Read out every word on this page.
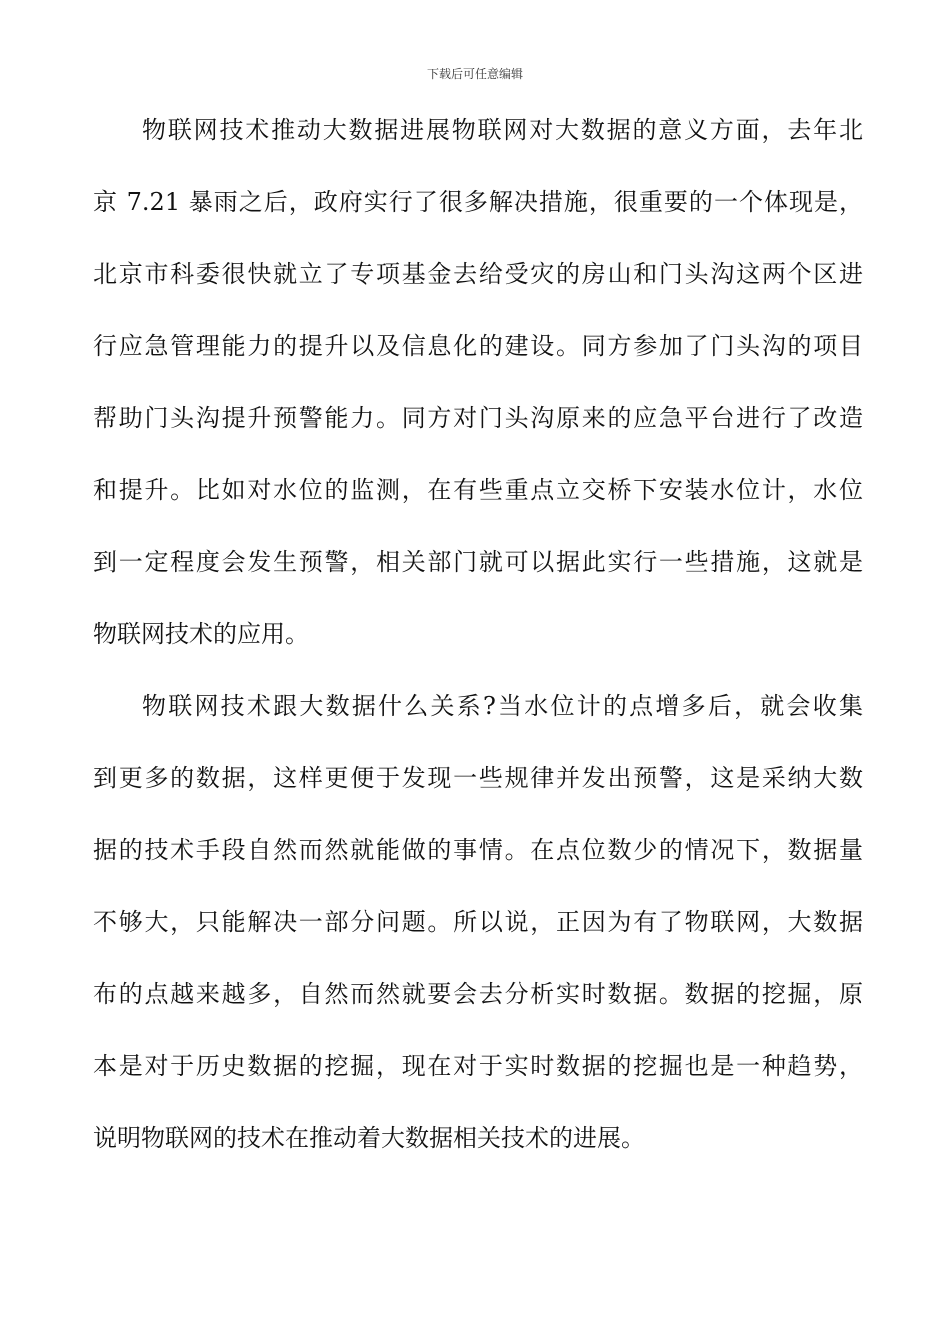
下载后可任意编辑
物联网技术推动大数据进展物联网对大数据的意义方面，去年北
京 7.21 暴雨之后，政府实行了很多解决措施，很重要的一个体现是，
北京市科委很快就立了专项基金去给受灾的房山和门头沟这两个区进
行应急管理能力的提升以及信息化的建设。同方参加了门头沟的项目
帮助门头沟提升预警能力。同方对门头沟原来的应急平台进行了改造
和提升。比如对水位的监测，在有些重点立交桥下安装水位计，水位
到一定程度会发生预警，相关部门就可以据此实行一些措施，这就是
物联网技术的应用。
物联网技术跟大数据什么关系?当水位计的点增多后，就会收集
到更多的数据，这样更便于发现一些规律并发出预警，这是采纳大数
据的技术手段自然而然就能做的事情。在点位数少的情况下，数据量
不够大，只能解决一部分问题。所以说，正因为有了物联网，大数据
布的点越来越多，自然而然就要会去分析实时数据。数据的挖掘，原
本是对于历史数据的挖掘，现在对于实时数据的挖掘也是一种趋势，
说明物联网的技术在推动着大数据相关技术的进展。
